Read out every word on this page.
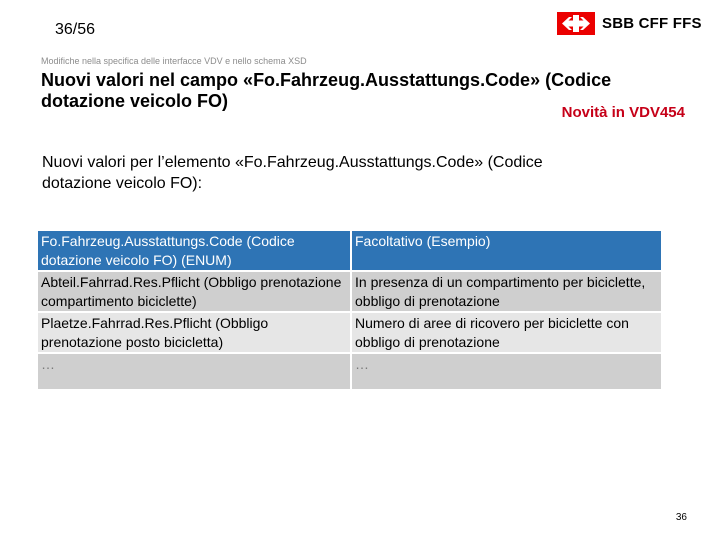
36/56	SBB CFF FFS
Modifiche nella specifica delle interfacce VDV e nello schema XSD
Nuovi valori nel campo «Fo.Fahrzeug.Ausstattungs.Code» (Codice dotazione veicolo FO)
Novità in VDV454
Nuovi valori per l’elemento «Fo.Fahrzeug.Ausstattungs.Code» (Codice dotazione veicolo FO):
Fo.Fahrzeug.Ausstattungs.Code (Codice dotazione veicolo FO) (ENUM)	Facoltativo (Esempio)
Abteil.Fahrrad.Res.Pflicht (Obbligo prenotazione compartimento biciclette)	In presenza di un compartimento per biciclette, obbligo di prenotazione
Plaetze.Fahrrad.Res.Pflicht (Obbligo prenotazione posto bicicletta)	Numero di aree di ricovero per biciclette con obbligo di prenotazione
…	…
36
